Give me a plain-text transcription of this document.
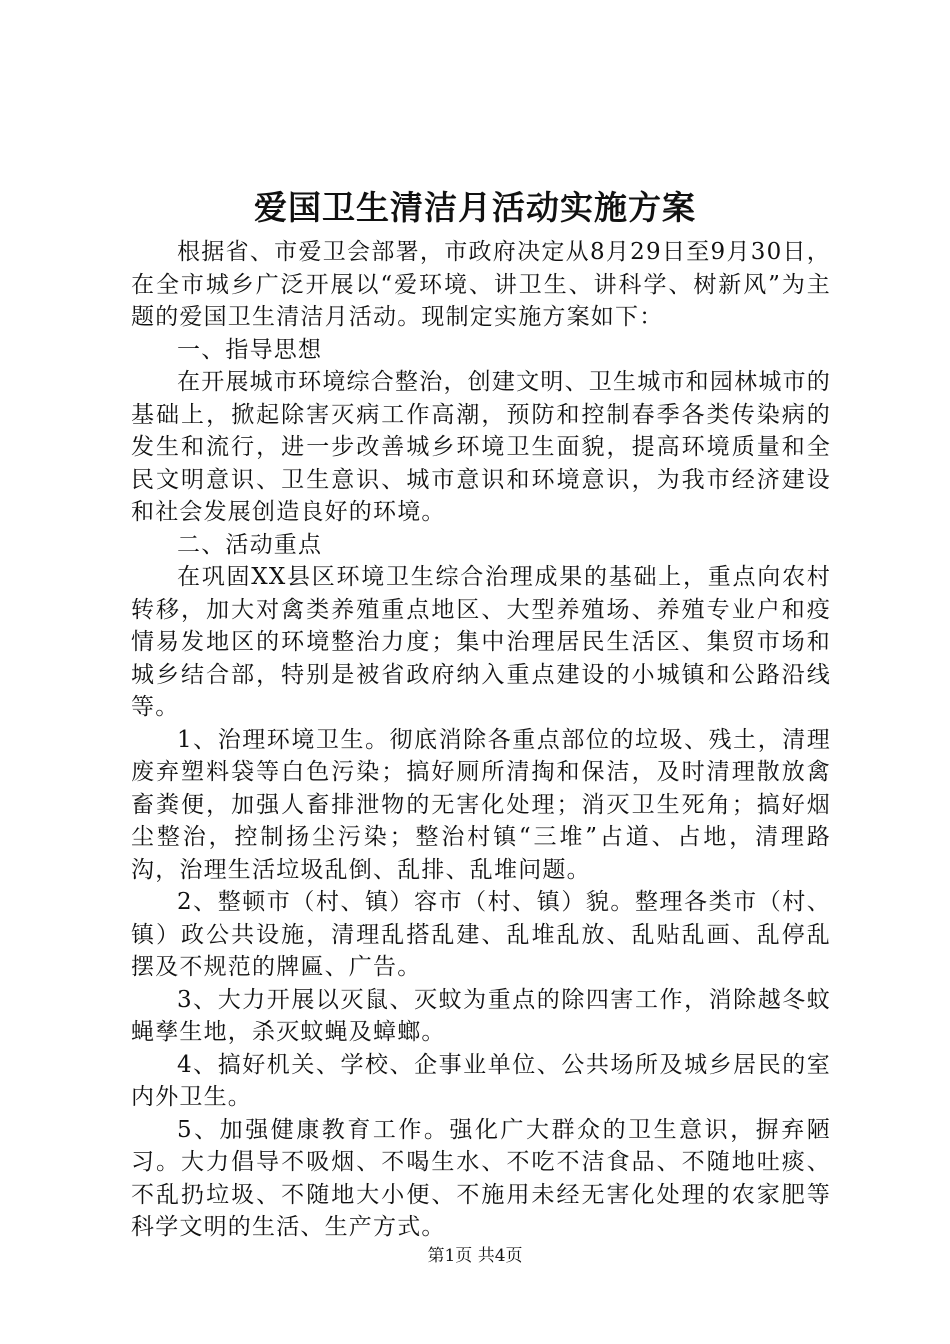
爱国卫生清洁月活动实施方案

根据省、市爱卫会部署，市政府决定从8月29日至9月30日，在全市城乡广泛开展以“爱环境、讲卫生、讲科学、树新风”为主题的爱国卫生清洁月活动。现制定实施方案如下：

一、指导思想

在开展城市环境综合整治，创建文明、卫生城市和园林城市的基础上，掀起除害灭病工作高潮，预防和控制春季各类传染病的发生和流行，进一步改善城乡环境卫生面貌，提高环境质量和全民文明意识、卫生意识、城市意识和环境意识，为我市经济建设和社会发展创造良好的环境。

二、活动重点

在巩固XX县区环境卫生综合治理成果的基础上，重点向农村转移，加大对禽类养殖重点地区、大型养殖场、养殖专业户和疫情易发地区的环境整治力度；集中治理居民生活区、集贸市场和城乡结合部，特别是被省政府纳入重点建设的小城镇和公路沿线等。

1、治理环境卫生。彻底消除各重点部位的垃圾、残土，清理废弃塑料袋等白色污染；搞好厕所清掏和保洁，及时清理散放禽畜粪便，加强人畜排泄物的无害化处理；消灭卫生死角；搞好烟尘整治，控制扬尘污染；整治村镇“三堆”占道、占地，清理路沟，治理生活垃圾乱倒、乱排、乱堆问题。

2、整顿市（村、镇）容市（村、镇）貌。整理各类市（村、镇）政公共设施，清理乱搭乱建、乱堆乱放、乱贴乱画、乱停乱摆及不规范的牌匾、广告。

3、大力开展以灭鼠、灭蚊为重点的除四害工作，消除越冬蚊蝇孳生地，杀灭蚊蝇及蟑螂。

4、搞好机关、学校、企事业单位、公共场所及城乡居民的室内外卫生。

5、加强健康教育工作。强化广大群众的卫生意识，摒弃陋习。大力倡导不吸烟、不喝生水、不吃不洁食品、不随地吐痰、不乱扔垃圾、不随地大小便、不施用未经无害化处理的农家肥等科学文明的生活、生产方式。

第1页 共4页
